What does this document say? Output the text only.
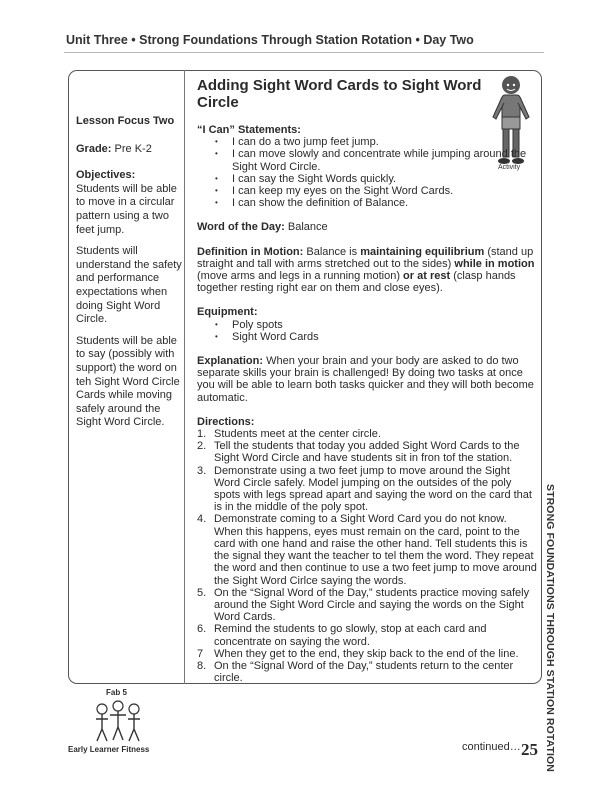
Unit Three • Strong Foundations Through Station Rotation • Day Two

Lesson Focus Two

Grade: Pre K-2

Objectives:

Students will be able to move in a circular pattern using a two feet jump.

Students will understand the safety and performance expectations when doing Sight Word Circle.

Students will be able to say (possibly with support) the word on teh Sight Word Circle Cards while moving safely around the Sight Word Circle.

Activity
Adding Sight Word Cards to Sight Word Circle
“I Can” Statements:
• I can do a two jump feet jump.
• I can move slowly and concentrate while jumping around the Sight Word Circle.
• I can say the Sight Words quickly.
• I can keep my eyes on the Sight Word Cards.
• I can show the definition of Balance.
Word of the Day: Balance
Definition in Motion: Balance is maintaining equilibrium (stand up straight and tall with arms stretched out to the sides) while in motion (move arms and legs in a running motion) or at rest (clasp hands together resting right ear on them and close eyes).
Equipment:
• Poly spots
• Sight Word Cards
Explanation: When your brain and your body are asked to do two separate skills your brain is challenged! By doing two tasks at once you will be able to learn both tasks quicker and they will both become automatic.
Directions:
1. Students meet at the center circle.
2. Tell the students that today you added Sight Word Cards to the Sight Word Circle and have students sit in fron tof the station.
3. Demonstrate using a two feet jump to move around the Sight Word Circle safely. Model jumping on the outsides of the poly spots with legs spread apart and saying the word on the card that is in the middle of the poly spot.
4. Demonstrate coming to a Sight Word Card you do not know. When this happens, eyes must remain on the card, point to the card with one hand and raise the other hand. Tell students this is the signal they want the teacher to tel them the word. They repeat the word and then continue to use a two feet jump to move around the Sight Word Cirlce saying the words.
5. On the “Signal Word of the Day,” students practice moving safely around the Sight Word Circle and saying the words on the Sight Word Cards.
6. Remind the students to go slowly, stop at each card and concentrate on saying the word.
7 When they get to the end, they skip back to the end of the line.
8. On the “Signal Word of the Day,” students return to the center circle.	STRONG FOUNDATIONS THROUGH STATION ROTATION
Fab 5
Early Learner Fitness	continued… 25
